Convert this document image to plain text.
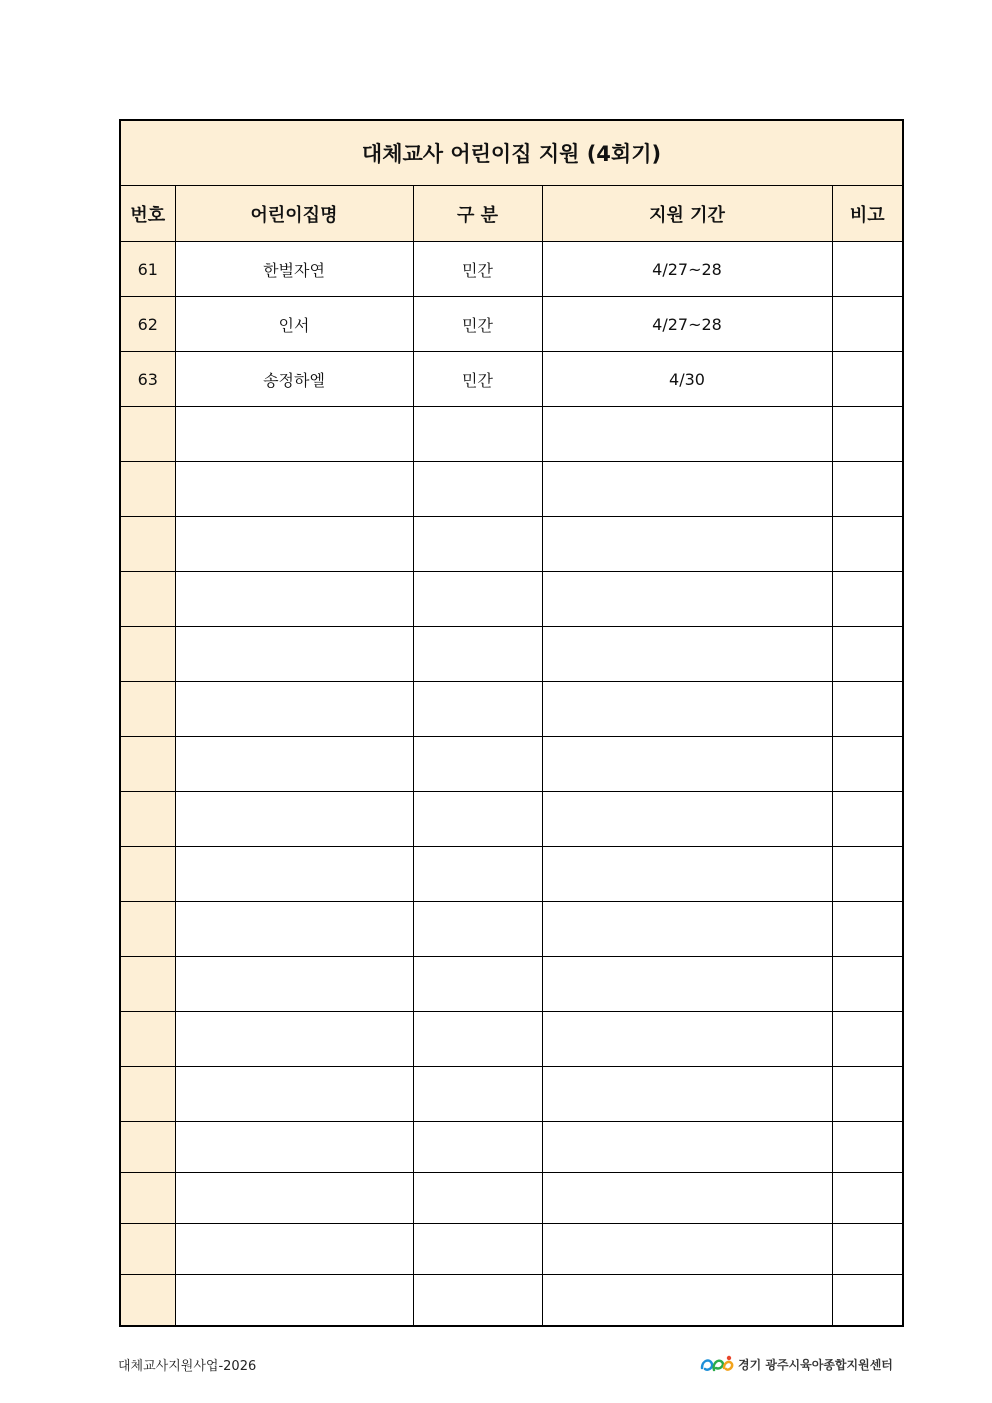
대체교사 어린이집 지원 (4회기)				
번호	어린이집명	구 분	지원 기간	비고
61	한벌자연	민간	4/27~28	
62	인서	민간	4/27~28	
63	송정하엘	민간	4/30	

대체교사지원사업-2026	경기 광주시육아종합지원센터
